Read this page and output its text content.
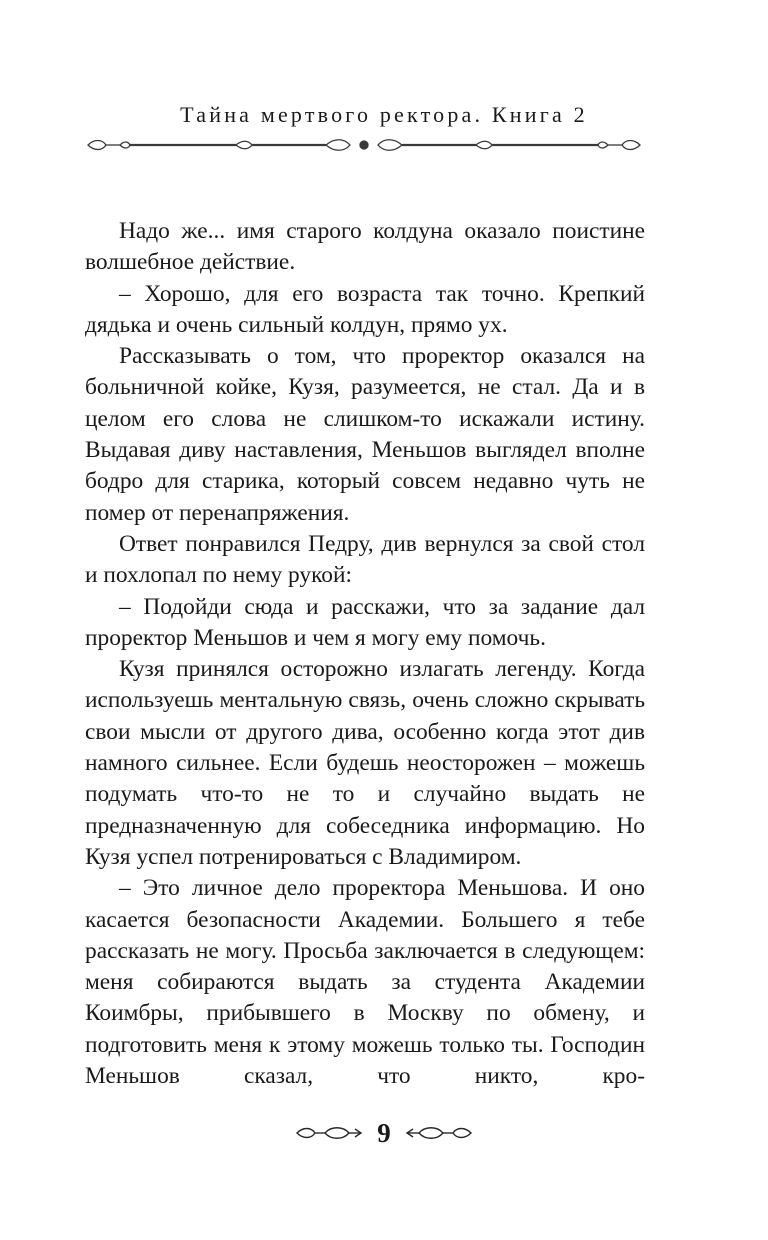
Тайна мертвого ректора. Книга 2

Надо же... имя старого колдуна оказало поистине волшебное действие.

– Хорошо, для его возраста так точно. Крепкий дядька и очень сильный колдун, прямо ух.

Рассказывать о том, что проректор оказался на больничной койке, Кузя, разумеется, не стал. Да и в целом его слова не слишком-то искажали истину. Выдавая диву наставления, Меньшов выглядел вполне бодро для старика, который совсем недавно чуть не помер от перенапряжения.

Ответ понравился Педру, див вернулся за свой стол и похлопал по нему рукой:

– Подойди сюда и расскажи, что за задание дал проректор Меньшов и чем я могу ему помочь.

Кузя принялся осторожно излагать легенду. Когда используешь ментальную связь, очень сложно скрывать свои мысли от другого дива, особенно когда этот див намного сильнее. Если будешь неосторожен – можешь подумать что-то не то и случайно выдать не предназначенную для собеседника информацию. Но Кузя успел потренироваться с Владимиром.

– Это личное дело проректора Меньшова. И оно касается безопасности Академии. Большего я тебе рассказать не могу. Просьба заключается в следующем: меня собираются выдать за студента Академии Коимбры, прибывшего в Москву по обмену, и подготовить меня к этому можешь только ты. Господин Меньшов сказал, что никто, кро-

9
